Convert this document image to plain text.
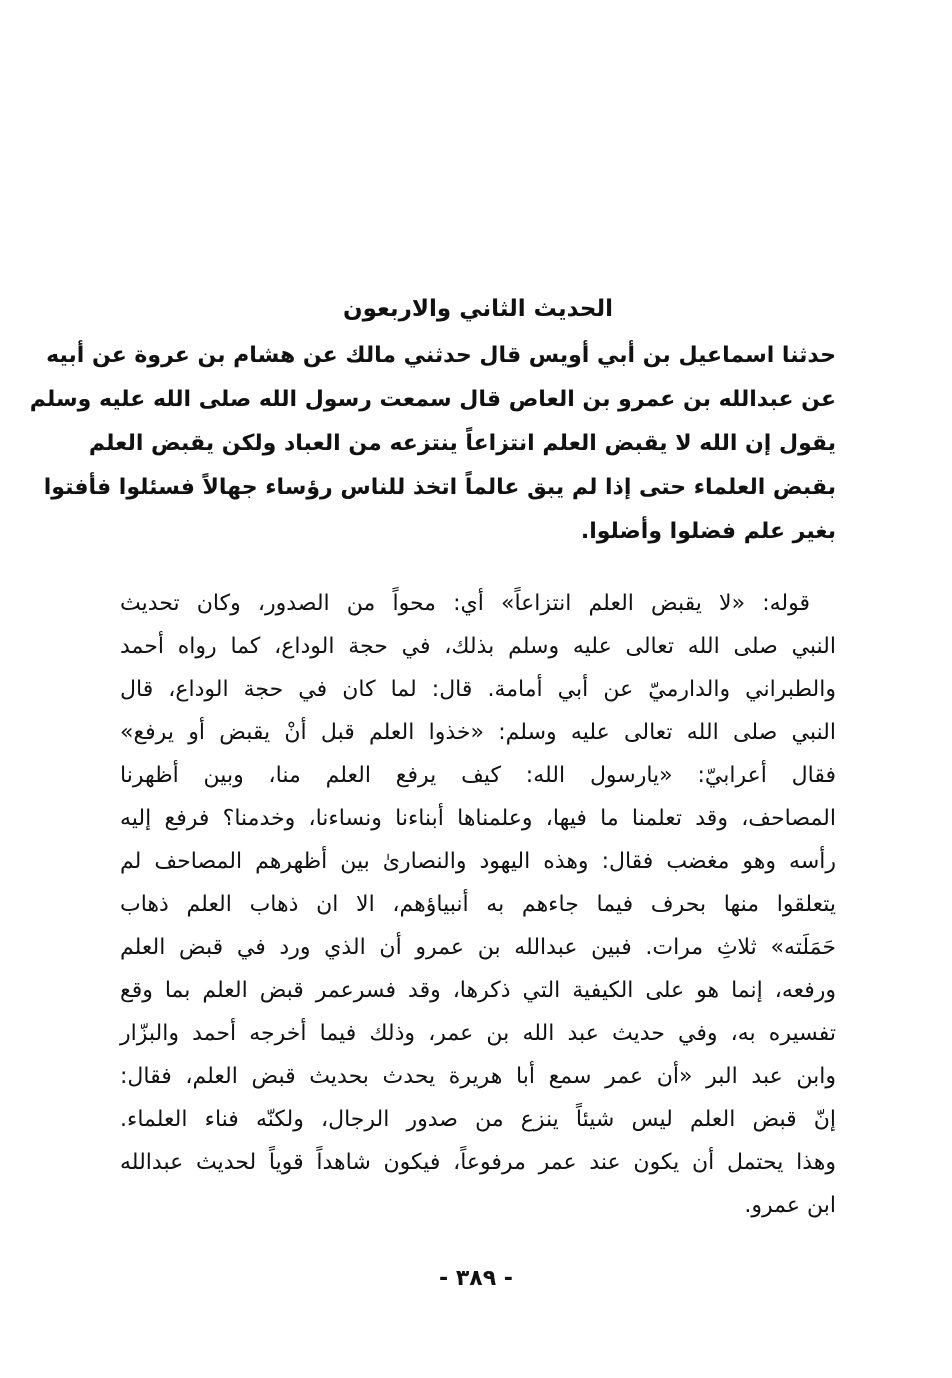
الحديث الثاني والاربعون
حدثنا اسماعيل بن أبي أويس قال حدثني مالك عن هشام بن عروة عن أبيه
عن عبدالله بن عمرو بن العاص قال سمعت رسول الله صلى الله عليه وسلم
يقول إن الله لا يقبض العلم انتزاعاً ينتزعه من العباد ولكن يقبض العلم
بقبض العلماء حتى إذا لم يبق عالماً اتخذ للناس رؤساء جهالاً فسئلوا فأفتوا
بغير علم فضلوا وأضلوا.
قوله: «لا يقبض العلم انتزاعاً» أي: محواً من الصدور، وكان تحديث
النبي صلى الله تعالى عليه وسلم بذلك، في حجة الوداع، كما رواه أحمد
والطبراني والدارميّ عن أبي أمامة. قال: لما كان في حجة الوداع، قال
النبي صلى الله تعالى عليه وسلم: «خذوا العلم قبل أنْ يقبض أو يرفع»
فقال أعرابيّ: «يارسول الله: كيف يرفع العلم منا، وبين أظهرنا
المصاحف، وقد تعلمنا ما فيها، وعلمناها أبناءنا ونساءنا، وخدمنا؟ فرفع إليه
رأسه وهو مغضب فقال: وهذه اليهود والنصارىٰ بين أظهرهم المصاحف لم
يتعلقوا منها بحرف فيما جاءهم به أنبياؤهم، الا ان ذهاب العلم ذهاب
حَمَلَته» ثلاثِ مرات. فبين عبدالله بن عمرو أن الذي ورد في قبض العلم
ورفعه، إنما هو على الكيفية التي ذكرها، وقد فسرعمر قبض العلم بما وقع
تفسيره به، وفي حديث عبد الله بن عمر، وذلك فيما أخرجه أحمد والبزّار
وابن عبد البر «أن عمر سمع أبا هريرة يحدث بحديث قبض العلم، فقال:
إنّ قبض العلم ليس شيئاً ينزع من صدور الرجال، ولكنّه فناء العلماء.
وهذا يحتمل أن يكون عند عمر مرفوعاً، فيكون شاهداً قوياً لحديث عبدالله
ابن عمرو.
- ٣٨٩ -
